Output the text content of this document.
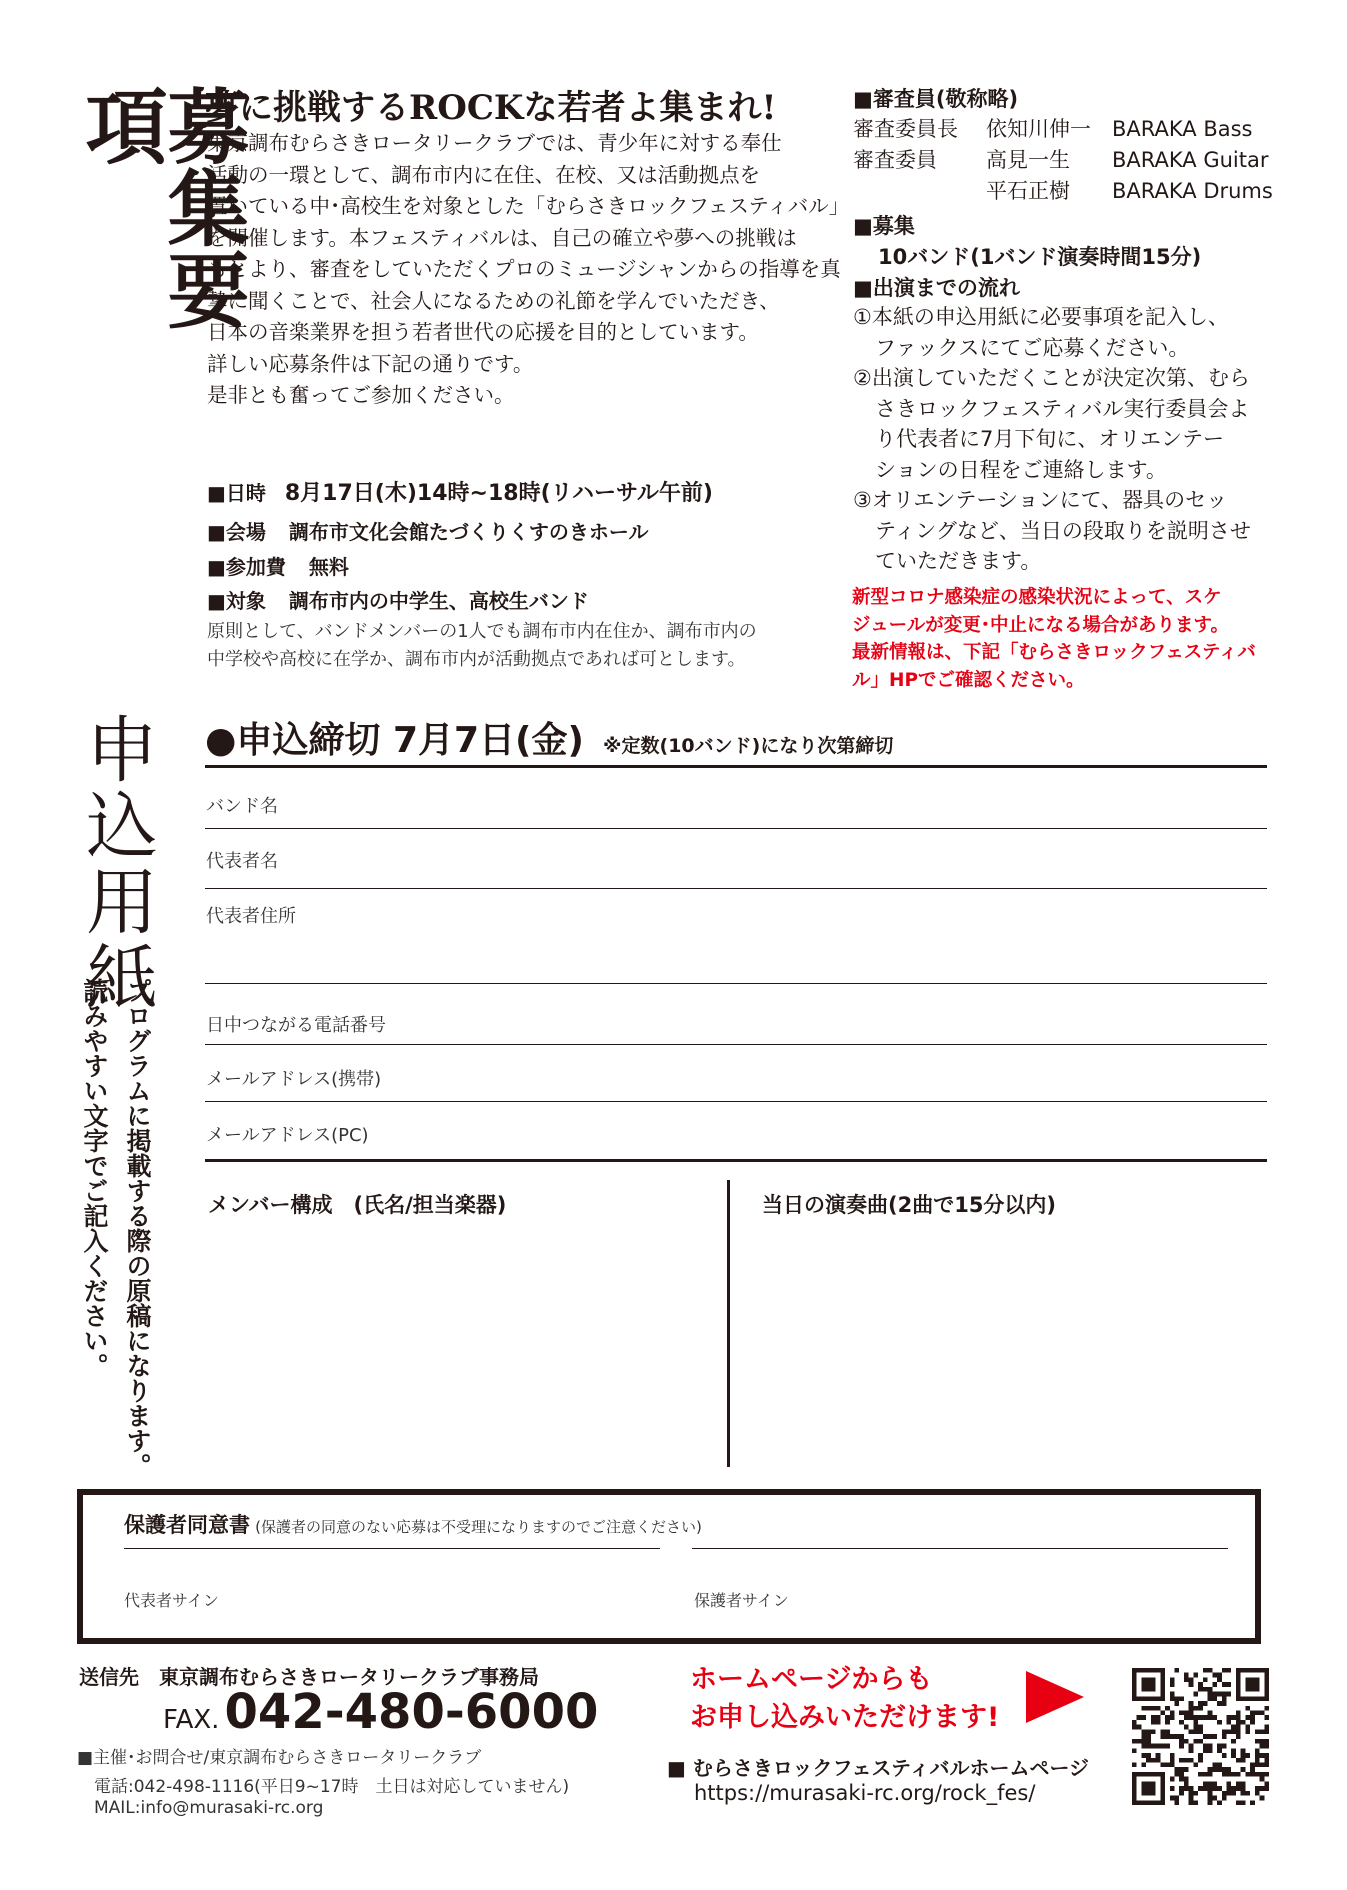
募集要項	夢に挑戦するROCKな若者よ集まれ!

東京調布むらさきロータリークラブでは、青少年に対する奉仕

活動の一環として、調布市内に在住、在校、又は活動拠点を

置いている中･高校生を対象とした「むらさきロックフェスティバル」

を開催します。本フェスティバルは、自己の確立や夢への挑戦は

もとより、審査をしていただくプロのミュージシャンからの指導を真

摯に聞くことで、社会人になるための礼節を学んでいただき、

日本の音楽業界を担う若者世代の応援を目的としています。

詳しい応募条件は下記の通りです。

是非とも奮ってご参加ください。

■日時 8月17日(木)14時~18時(リハーサル午前)
■会場 調布市文化会館たづくりくすのきホール
■参加費 無料
■対象 調布市内の中学生、高校生バンド

原則として、バンドメンバーの1人でも調布市内在住か、調布市内の

中学校や高校に在学か、調布市内が活動拠点であれば可とします。

■審査員(敬称略)
審査委員長 依知川伸一 BARAKA Bass
審査委員 高見一生 BARAKA Guitar
平石正樹 BARAKA Drums
■募集
10バンド(1バンド演奏時間15分)
■出演までの流れ

①本紙の申込用紙に必要事項を記入し、

ファックスにてご応募ください。

②出演していただくことが決定次第、むら

さきロックフェスティバル実行委員会よ

り代表者に7月下旬に、オリエンテー

ションの日程をご連絡します。

③オリエンテーションにて、器具のセッ

ティングなど、当日の段取りを説明させ

ていただきます。

新型コロナ感染症の感染状況によって、スケ

ジュールが変更･中止になる場合があります。

最新情報は、下記「むらさきロックフェスティバ

ル」HPでご確認ください。

申込用紙
プログラムに掲載する際の原稿になります。
読みやすい文字でご記入ください。
●申込締切 7月7日(金) ※定数(10バンド)になり次第締切
バンド名
代表者名
代表者住所
日中つながる電話番号
メールアドレス(携帯)
メールアドレス(PC)
メンバー構成　(氏名/担当楽器)	当日の演奏曲(2曲で15分以内)
保護者同意書 (保護者の同意のない応募は不受理になりますのでご注意ください)
代表者サイン	保護者サイン
送信先　東京調布むらさきロータリークラブ事務局
FAX. 042-480-6000
■主催･お問合せ/東京調布むらさきロータリークラブ
電話:042-498-1116(平日9~17時　土日は対応していません)
MAIL:info@murasaki-rc.org

ホームページからも

お申し込みいただけます!

■ むらさきロックフェスティバルホームページ
https://murasaki-rc.org/rock_fes/
